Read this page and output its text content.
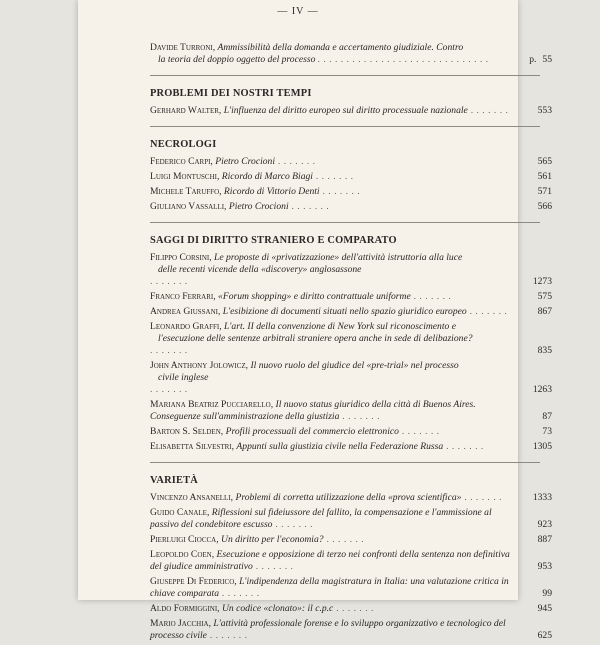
— IV —
Davide Turroni, Ammissibilità della domanda e accertamento giudiziale. Contro
la teoria del doppio oggetto del processo . . . . . . . . . . . . . . . . . . . . . . . . . . . . . .	p. 55
PROBLEMI DEI NOSTRI TEMPI
Gerhard Walter, L'influenza del diritto europeo sul diritto processuale nazionale . . . . . . .	553
NECROLOGI
Federico Carpi, Pietro Crocioni . . . . . . .	565
Luigi Montuschi, Ricordo di Marco Biagi . . . . . . .	561
Michele Taruffo, Ricordo di Vittorio Denti . . . . . . .	571
Giuliano Vassalli, Pietro Crocioni . . . . . . .	566
SAGGI DI DIRITTO STRANIERO E COMPARATO
Filippo Corsini, Le proposte di «privatizzazione» dell'attività istruttoria alla luce
delle recenti vicende della «discovery» anglosassone
. . . . . . .	1273
Franco Ferrari, «Forum shopping» e diritto contrattuale uniforme . . . . . . .	575
Andrea Giussani, L'esibizione di documenti situati nello spazio giuridico europeo . . . . . . .	867
Leonardo Graffi, L'art. II della convenzione di New York sul riconoscimento e
l'esecuzione delle sentenze arbitrali straniere opera anche in sede di delibazione?
. . . . . . .	835
John Anthony Jolowicz, Il nuovo ruolo del giudice del «pre-trial» nel processo
civile inglese
. . . . . . .	1263
Mariana Beatriz Pucciarello, Il nuovo status giuridico della città di Buenos Aires. Conseguenze sull'amministrazione della giustizia . . . . . . .	87
Barton S. Selden, Profili processuali del commercio elettronico . . . . . . .	73
Elisabetta Silvestri, Appunti sulla giustizia civile nella Federazione Russa . . . . . . .	1305
VARIETÀ
Vincenzo Ansanelli, Problemi di corretta utilizzazione della «prova scientifica» . . . . . . .	1333
Guido Canale, Riflessioni sul fideiussore del fallito, la compensazione e l'ammissione al passivo del condebitore escusso . . . . . . .	923
Pierluigi Ciocca, Un diritto per l'economia? . . . . . . .	887
Leopoldo Coen, Esecuzione e opposizione di terzo nei confronti della sentenza non definitiva del giudice amministrativo . . . . . . .	953
Giuseppe Di Federico, L'indipendenza della magistratura in Italia: una valutazione critica in chiave comparata . . . . . . .	99
Aldo Formiggini, Un codice «clonato»: il c.p.c . . . . . . .	945
Mario Jacchia, L'attività professionale forense e lo sviluppo organizzativo e tecnologico del processo civile . . . . . . .	625
